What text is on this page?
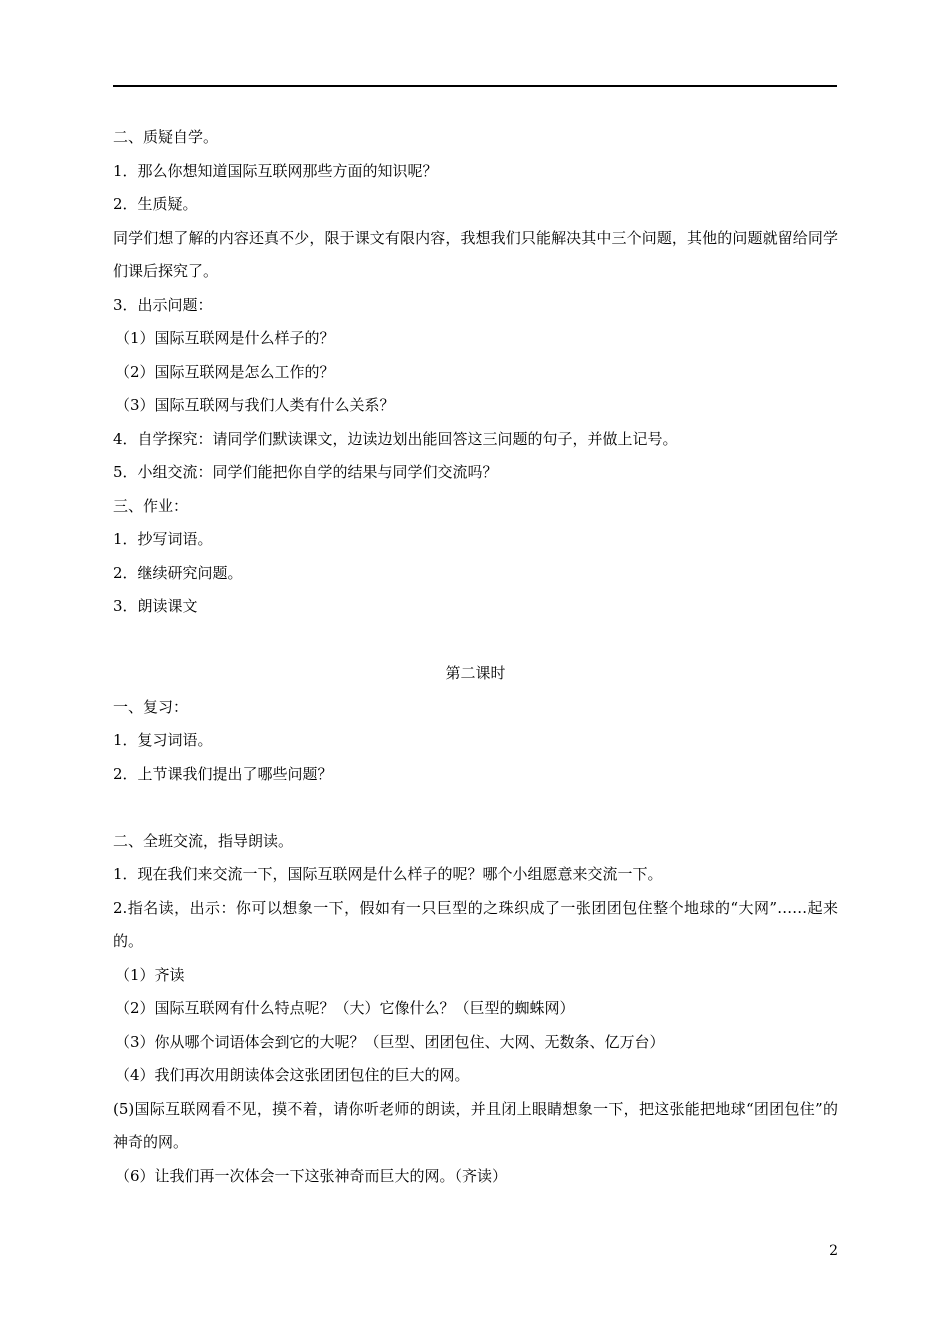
二、质疑自学。
1．那么你想知道国际互联网那些方面的知识呢？
2．生质疑。
同学们想了解的内容还真不少，限于课文有限内容，我想我们只能解决其中三个问题，其他的问题就留给同学们课后探究了。
3．出示问题：
（1）国际互联网是什么样子的？
（2）国际互联网是怎么工作的？
（3）国际互联网与我们人类有什么关系？
4．自学探究：请同学们默读课文，边读边划出能回答这三问题的句子，并做上记号。
5．小组交流：同学们能把你自学的结果与同学们交流吗？
三、作业：
1．抄写词语。
2．继续研究问题。
3．朗读课文
第二课时
一、复习：
1．复习词语。
2．上节课我们提出了哪些问题？
二、全班交流，指导朗读。
1．现在我们来交流一下，国际互联网是什么样子的呢？哪个小组愿意来交流一下。
2.指名读，出示：你可以想象一下，假如有一只巨型的之珠织成了一张团团包住整个地球的“大网”……起来的。
（1）齐读
（2）国际互联网有什么特点呢？（大）它像什么？（巨型的蜘蛛网）
（3）你从哪个词语体会到它的大呢？（巨型、团团包住、大网、无数条、亿万台）
（4）我们再次用朗读体会这张团团包住的巨大的网。
(5)国际互联网看不见，摸不着，请你听老师的朗读，并且闭上眼睛想象一下，把这张能把地球“团团包住”的神奇的网。
（6）让我们再一次体会一下这张神奇而巨大的网。（齐读）
2
